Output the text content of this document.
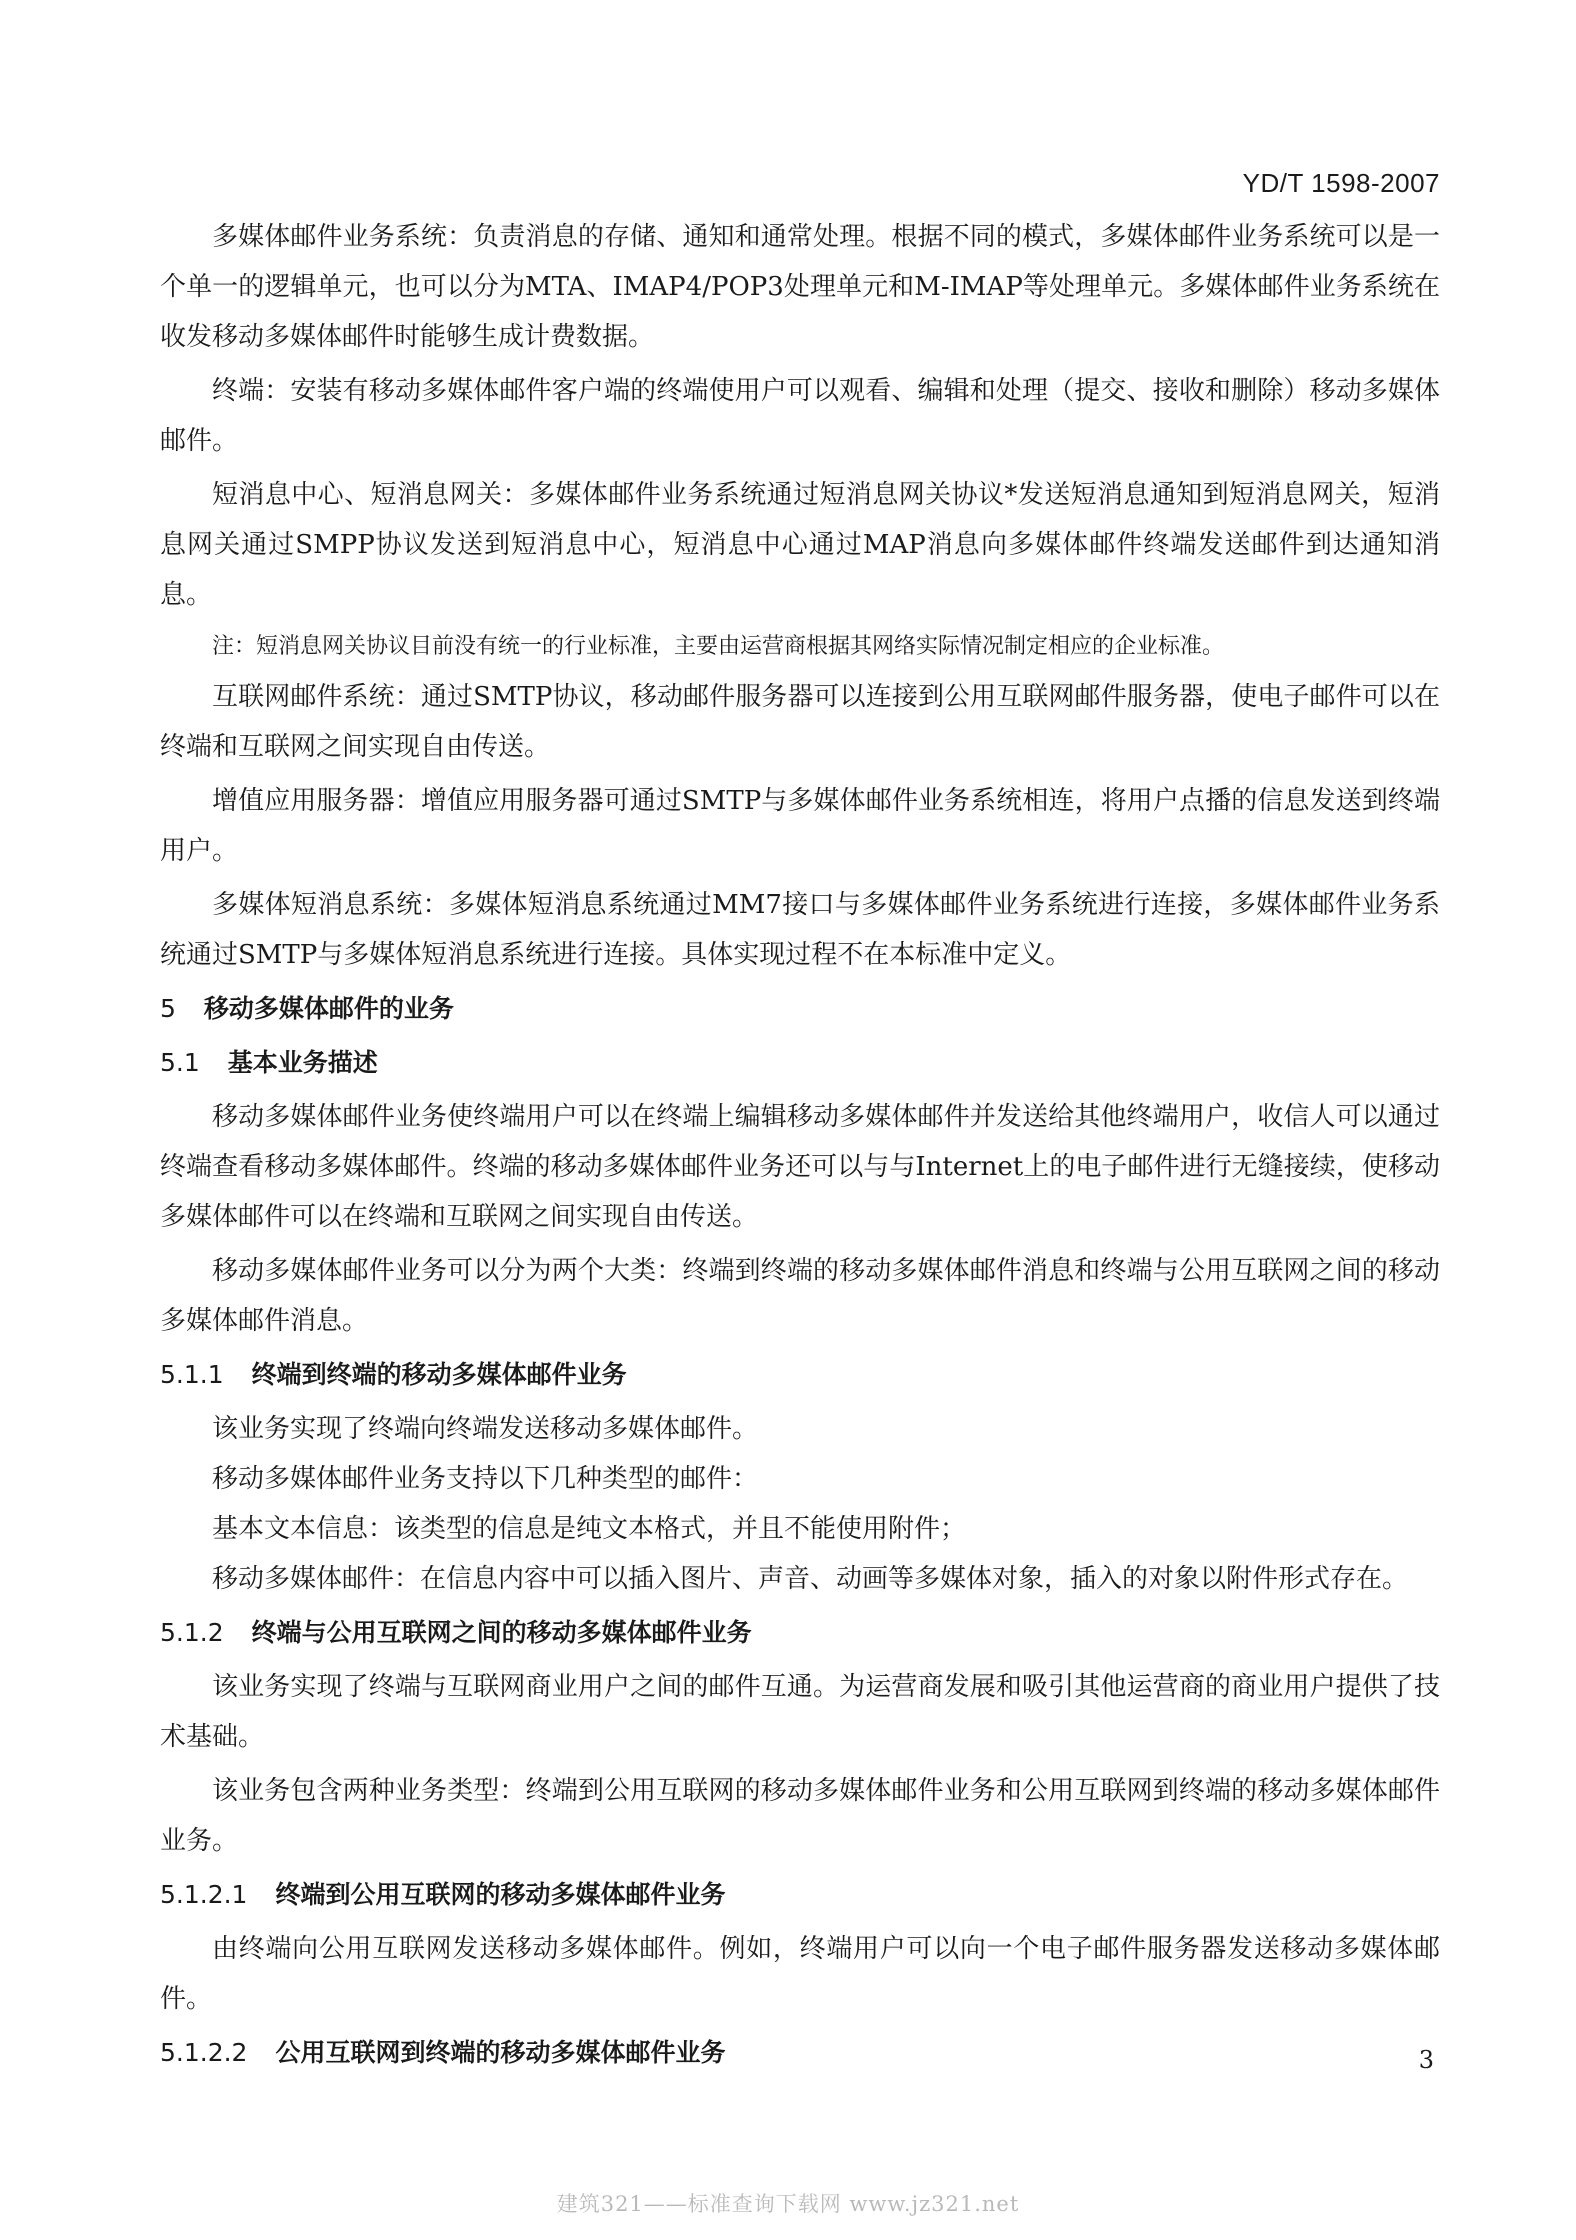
YD/T 1598-2007

多媒体邮件业务系统：负责消息的存储、通知和通常处理。根据不同的模式，多媒体邮件业务系统可以是一个单一的逻辑单元，也可以分为MTA、IMAP4/POP3处理单元和M-IMAP等处理单元。多媒体邮件业务系统在收发移动多媒体邮件时能够生成计费数据。

终端：安装有移动多媒体邮件客户端的终端使用户可以观看、编辑和处理（提交、接收和删除）移动多媒体邮件。

短消息中心、短消息网关：多媒体邮件业务系统通过短消息网关协议*发送短消息通知到短消息网关，短消息网关通过SMPP协议发送到短消息中心，短消息中心通过MAP消息向多媒体邮件终端发送邮件到达通知消息。

注：短消息网关协议目前没有统一的行业标准，主要由运营商根据其网络实际情况制定相应的企业标准。

互联网邮件系统：通过SMTP协议，移动邮件服务器可以连接到公用互联网邮件服务器，使电子邮件可以在终端和互联网之间实现自由传送。

增值应用服务器：增值应用服务器可通过SMTP与多媒体邮件业务系统相连，将用户点播的信息发送到终端用户。

多媒体短消息系统：多媒体短消息系统通过MM7接口与多媒体邮件业务系统进行连接，多媒体邮件业务系统通过SMTP与多媒体短消息系统进行连接。具体实现过程不在本标准中定义。

5 移动多媒体邮件的业务
5.1 基本业务描述

移动多媒体邮件业务使终端用户可以在终端上编辑移动多媒体邮件并发送给其他终端用户，收信人可以通过终端查看移动多媒体邮件。终端的移动多媒体邮件业务还可以与与Internet上的电子邮件进行无缝接续，使移动多媒体邮件可以在终端和互联网之间实现自由传送。

移动多媒体邮件业务可以分为两个大类：终端到终端的移动多媒体邮件消息和终端与公用互联网之间的移动多媒体邮件消息。

5.1.1 终端到终端的移动多媒体邮件业务

该业务实现了终端向终端发送移动多媒体邮件。

移动多媒体邮件业务支持以下几种类型的邮件：

基本文本信息：该类型的信息是纯文本格式，并且不能使用附件；

移动多媒体邮件：在信息内容中可以插入图片、声音、动画等多媒体对象，插入的对象以附件形式存在。

5.1.2 终端与公用互联网之间的移动多媒体邮件业务

该业务实现了终端与互联网商业用户之间的邮件互通。为运营商发展和吸引其他运营商的商业用户提供了技术基础。

该业务包含两种业务类型：终端到公用互联网的移动多媒体邮件业务和公用互联网到终端的移动多媒体邮件业务。

5.1.2.1 终端到公用互联网的移动多媒体邮件业务

由终端向公用互联网发送移动多媒体邮件。例如，终端用户可以向一个电子邮件服务器发送移动多媒体邮件。

5.1.2.2 公用互联网到终端的移动多媒体邮件业务	3
建筑321——标准查询下载网 www.jz321.net
